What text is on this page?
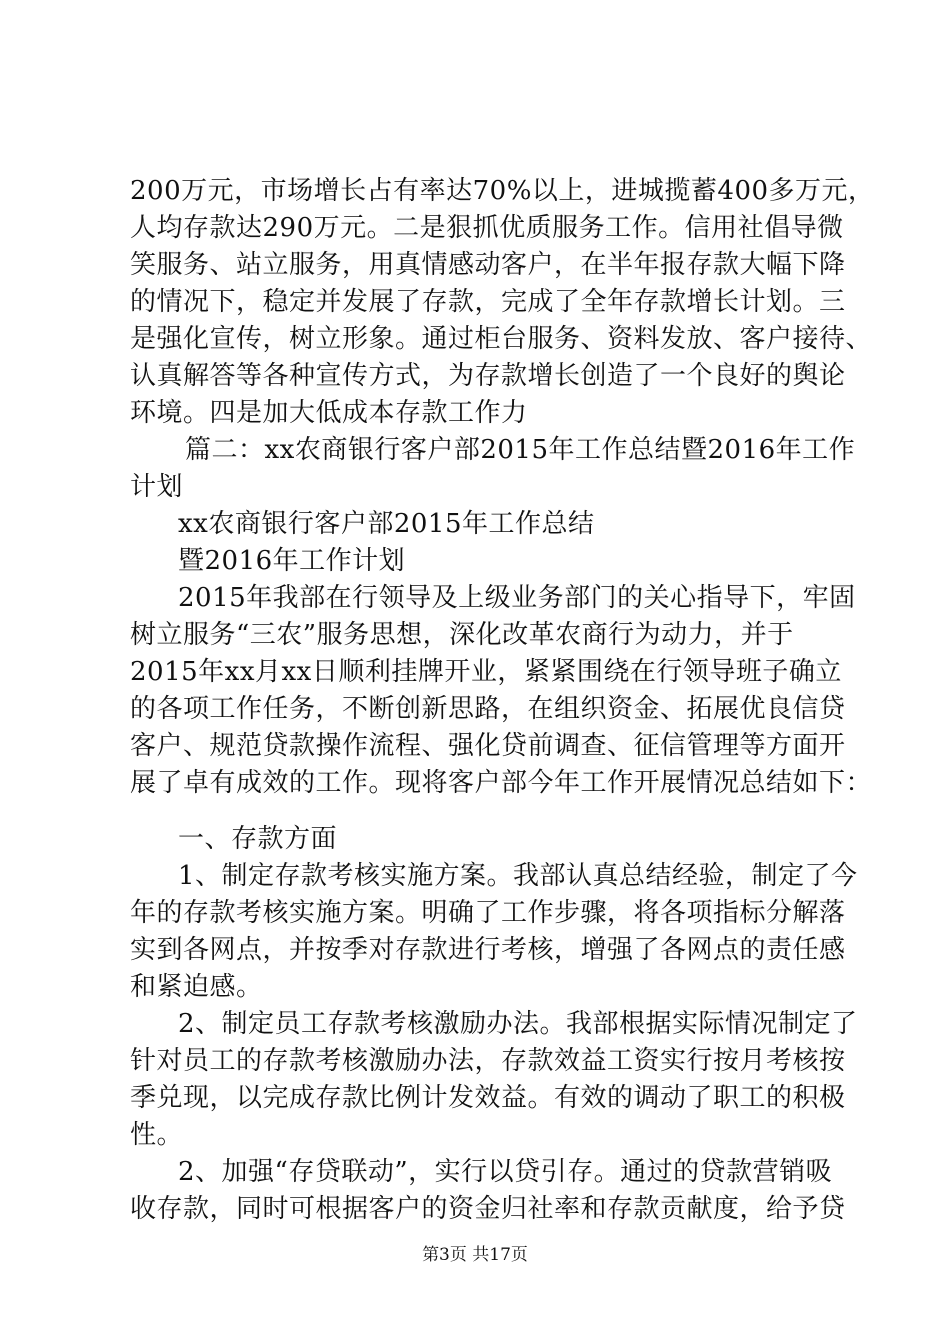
200万元，市场增长占有率达70%以上，进城揽蓄400多万元，
人均存款达290万元。二是狠抓优质服务工作。信用社倡导微
笑服务、站立服务，用真情感动客户，在半年报存款大幅下降
的情况下，稳定并发展了存款，完成了全年存款增长计划。三
是强化宣传，树立形象。通过柜台服务、资料发放、客户接待、
认真解答等各种宣传方式，为存款增长创造了一个良好的舆论
环境。四是加大低成本存款工作力
篇二：xx农商银行客户部2015年工作总结暨2016年工作
计划
xx农商银行客户部2015年工作总结
暨2016年工作计划
2015年我部在行领导及上级业务部门的关心指导下，牢固
树立服务“三农”服务思想，深化改革农商行为动力，并于
2015年xx月xx日顺利挂牌开业，紧紧围绕在行领导班子确立
的各项工作任务，不断创新思路，在组织资金、拓展优良信贷
客户、规范贷款操作流程、强化贷前调查、征信管理等方面开
展了卓有成效的工作。现将客户部今年工作开展情况总结如下：
一、存款方面
1、制定存款考核实施方案。我部认真总结经验，制定了今
年的存款考核实施方案。明确了工作步骤，将各项指标分解落
实到各网点，并按季对存款进行考核，增强了各网点的责任感
和紧迫感。
2、制定员工存款考核激励办法。我部根据实际情况制定了
针对员工的存款考核激励办法，存款效益工资实行按月考核按
季兑现，以完成存款比例计发效益。有效的调动了职工的积极
性。
2、加强“存贷联动”，实行以贷引存。通过的贷款营销吸
收存款，同时可根据客户的资金归社率和存款贡献度，给予贷
第3页 共17页
